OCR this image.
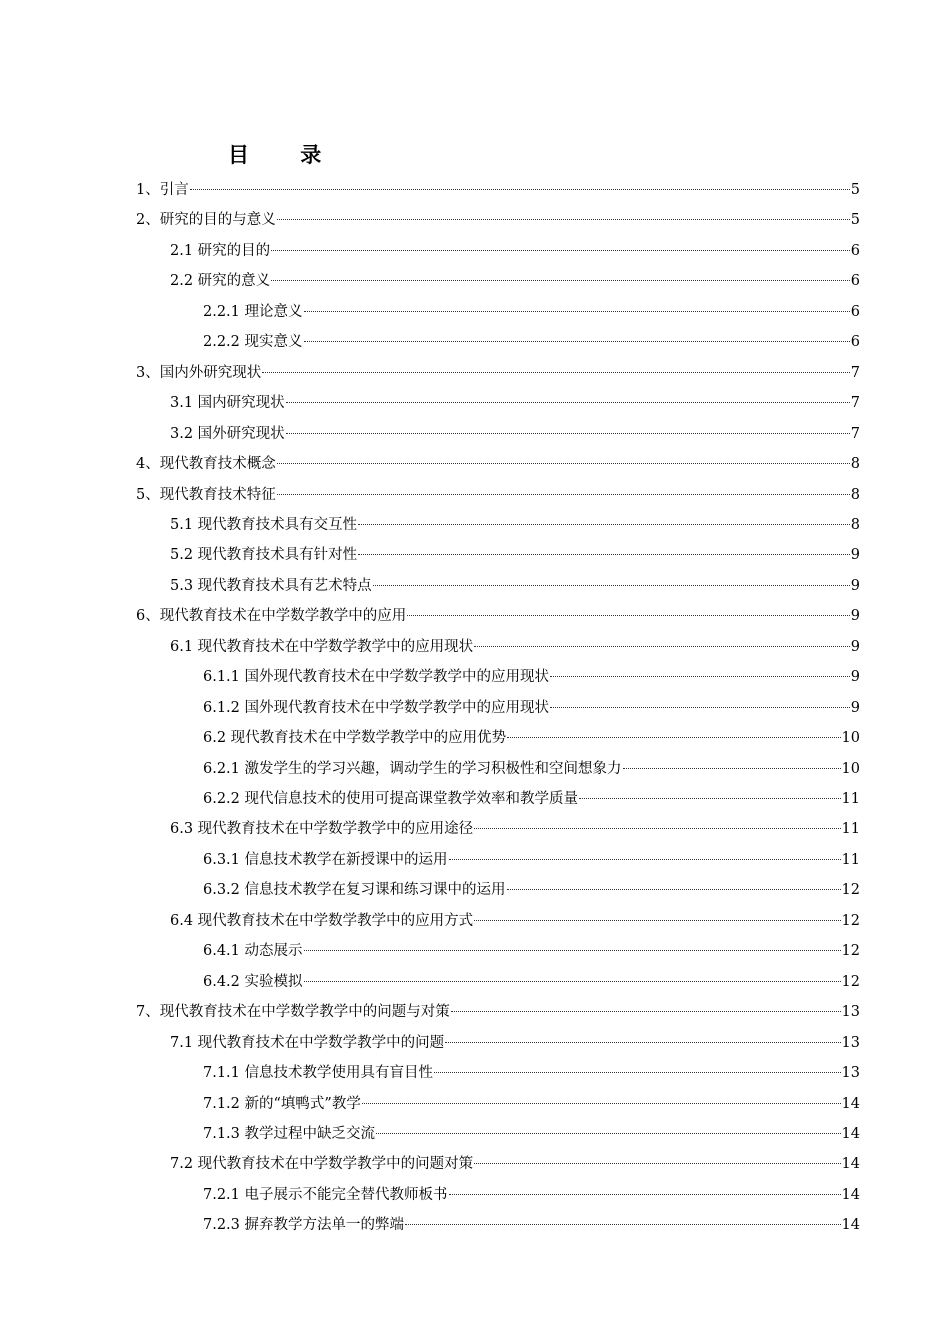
目 录
1、引言	5
2、研究的目的与意义	5
2.1 研究的目的	6
2.2 研究的意义	6
2.2.1 理论意义	6
2.2.2 现实意义	6
3、国内外研究现状	7
3.1 国内研究现状	7
3.2 国外研究现状	7
4、现代教育技术概念	8
5、现代教育技术特征	8
5.1 现代教育技术具有交互性	8
5.2 现代教育技术具有针对性	9
5.3 现代教育技术具有艺术特点	9
6、现代教育技术在中学数学教学中的应用	9
6.1 现代教育技术在中学数学教学中的应用现状	9
6.1.1 国外现代教育技术在中学数学教学中的应用现状	9
6.1.2 国外现代教育技术在中学数学教学中的应用现状	9
6.2 现代教育技术在中学数学教学中的应用优势	10
6.2.1 激发学生的学习兴趣，调动学生的学习积极性和空间想象力	10
6.2.2 现代信息技术的使用可提高课堂教学效率和教学质量	11
6.3 现代教育技术在中学数学教学中的应用途径	11
6.3.1 信息技术教学在新授课中的运用	11
6.3.2 信息技术教学在复习课和练习课中的运用	12
6.4 现代教育技术在中学数学教学中的应用方式	12
6.4.1 动态展示	12
6.4.2 实验模拟	12
7、现代教育技术在中学数学教学中的问题与对策	13
7.1 现代教育技术在中学数学教学中的问题	13
7.1.1 信息技术教学使用具有盲目性	13
7.1.2 新的“填鸭式”教学	14
7.1.3 教学过程中缺乏交流	14
7.2 现代教育技术在中学数学教学中的问题对策	14
7.2.1 电子展示不能完全替代教师板书	14
7.2.3 摒弃教学方法单一的弊端	14
